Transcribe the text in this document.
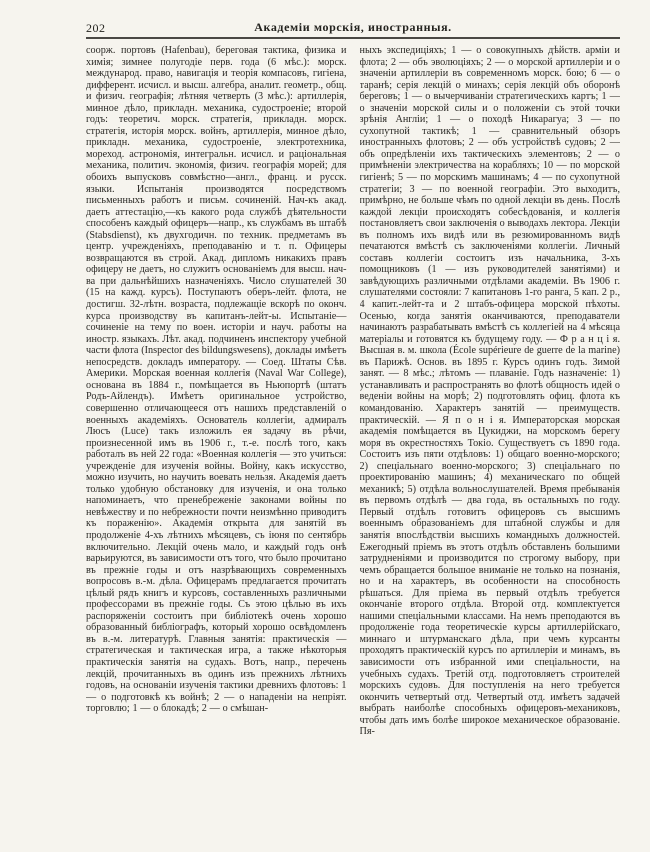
202	Академіи морскія, иностранныя.
соорж. портовъ (Hafenbau), береговая тактика, физика и химія; зимнее полугодіе перв. года (6 мѣс.): морск. международ. право, навигація и теорія компасовъ, гигіена, дифферент. исчисл. и высш. алгебра, аналит. геометр., общ. и физич. географія; лѣтняя четверть (3 мѣс.): артиллерія, минное дѣло, прикладн. механика, судостроеніе; второй годъ: теоретич. морск. стратегія, прикладн. морск. стратегія, исторія морск. войнъ, артиллерія, минное дѣло, прикладн. механика, судостроеніе, электротехника, мореход. астрономія, интегральн. исчисл. и раціональная механика, политич. экономія, физич. географія морей; для обоихъ выпусковъ совмѣстно—англ., франц. и русск. языки. Испытанія производятся посредствомъ письменныхъ работъ и письм. сочиненій. Нач-къ акад. даетъ аттестацію,—къ какого рода службѣ дѣятельности способенъ каждый офицеръ—напр., къ службамъ въ штабѣ (Stabsdienst), къ двухгодичн. по техник. предметамъ въ центр. учрежденіяхъ, преподаванію и т. п. Офицеры возвращаются въ строй. Акад. дипломъ никакихъ правъ офицеру не даетъ, но служитъ основаніемъ для высш. нач-ва при дальнѣйшихъ назначеніяхъ. Число слушателей 30 (15 на кажд. курсъ). Поступаютъ оберъ-лейт. флота, не достигш. 32-лѣтн. возраста, подлежащіе вскорѣ по оконч. курса производству въ капитанъ-лейт-ы. Испытаніе—сочиненіе на тему по воен. исторіи и науч. работы на иностр. языкахъ. Лѣт. акад. подчиненъ инспектору учебной части флота (Inspector des bildungswesens), доклады имѣетъ непосредств. докладъ императору. — Соед. Штаты Сѣв. Америки. Морская военная коллегія (Naval War College), основана въ 1884 г., помѣщается въ Ньюпортѣ (штатъ Родъ-Айлендъ). Имѣетъ оригинальное устройство, совершенно отличающееся отъ нашихъ представленій о военныхъ академіяхъ. Основатель коллегіи, адмиралъ Люсъ (Luce) такъ изложилъ ея задачу въ рѣчи, произнесенной имъ въ 1906 г., т.-е. послѣ того, какъ работалъ въ ней 22 года: «Военная коллегія — это учиться: учрежденіе для изученія войны. Войну, какъ искусство, можно изучить, но научить воевать нельзя. Академія даетъ только удобную обстановку для изученія, и она только напоминаетъ, что пренебреженіе законами войны по невѣжеству и по небрежности почти неизмѣнно приводитъ къ пораженію». Академія открыта для занятій въ продолженіе 4-хъ лѣтнихъ мѣсяцевъ, съ іюня по сентябрь включительно. Лекцій очень мало, и каждый годъ онѣ варьируются, въ зависимости отъ того, что было прочитано въ прежніе годы и отъ назрѣвающихъ современныхъ вопросовъ в.-м. дѣла. Офицерамъ предлагается прочитать цѣлый рядъ книгъ и курсовъ, составленныхъ различными профессорами въ прежніе годы. Съ этою цѣлью въ ихъ распоряженіи состоитъ при библіотекѣ очень хорошо образованный библіографъ, который хорошо освѣдомленъ въ в.-м. литературѣ. Главныя занятія: практическія — стратегическая и тактическая игра, а также нѣкоторыя практическія занятія на судахъ. Вотъ, напр., перечень лекцій, прочитанныхъ въ одинъ изъ прежнихъ лѣтнихъ годовъ, на основаніи изученія тактики древнихъ флотовъ: 1 — о подготовкѣ къ войнѣ; 2 — о нападеніи на непріят. торговлю; 1 — о блокадѣ; 2 — о смѣшан-
ныхъ экспедиціяхъ; 1 — о совокупныхъ дѣйств. арміи и флота; 2 — объ эволюціяхъ; 2 — о морской артиллеріи и о значеніи артиллеріи въ современномъ морск. бою; 6 — о таранѣ; серія лекцій о минахъ; серія лекцій объ оборонѣ береговъ; 1 — о вычерчиваніи стратегическихъ картъ; 1 — о значеніи морской силы и о положеніи съ этой точки зрѣнія Англіи; 1 — о походѣ Никарагуа; 3 — по сухопутной тактикѣ; 1 — сравнительный обзоръ иностранныхъ флотовъ; 2 — объ устройствѣ судовъ; 2 — объ опредѣленіи ихъ тактическихъ элементовъ; 2 — о примѣненіи электричества на корабляхъ; 10 — по морской гигіенѣ; 5 — по морскимъ машинамъ; 4 — по сухопутной стратегіи; 3 — по военной географіи. Это выходитъ, примѣрно, не больше чѣмъ по одной лекціи въ день. Послѣ каждой лекціи происходятъ собесѣдованія, и коллегія постановляетъ свои заключенія о выводахъ лектора. Лекціи въ полномъ ихъ видѣ или въ резюмированномъ видѣ печатаются вмѣстѣ съ заключеніями коллегіи. Личный составъ коллегіи состоитъ изъ начальника, 3-хъ помощниковъ (1 — изъ руководителей занятіями) и завѣдующихъ различными отдѣлами академіи. Въ 1906 г. слушателями состояли: 7 капитановъ 1-го ранга, 5 кап. 2 р., 4 капит.-лейт-та и 2 штабъ-офицера морской пѣхоты. Осенью, когда занятія оканчиваются, преподаватели начинаютъ разрабатывать вмѣстѣ съ коллегіей на 4 мѣсяца матеріалы и готовятся къ будущему году. — Ф р а н ц і я. Высшая в. м. школа (École supérieure de guerre de la marine) въ Парижѣ. Основ. въ 1895 г. Курсъ одинъ годъ. Зимой занят. — 8 мѣс.; лѣтомъ — плаваніе. Годъ назначеніе: 1) устанавливать и распространять во флотѣ общность идей о веденіи войны на морѣ; 2) подготовлять офиц. флота къ командованію. Характеръ занятій — преимуществ. практическій. — Я п о н і я. Императорская морская академія помѣщается въ Цукиджи, на морскомъ берегу моря въ окрестностяхъ Токіо. Существуетъ съ 1890 года. Состоитъ изъ пяти отдѣловъ: 1) общаго военно-морского; 2) спеціальнаго военно-морского; 3) спеціальнаго по проектированію машинъ; 4) механическаго по общей механикѣ; 5) отдѣла вольнослушателей. Время пребыванія въ первомъ отдѣлѣ — два года, въ остальныхъ по году. Первый отдѣлъ готовитъ офицеровъ съ высшимъ военнымъ образованіемъ для штабной службы и для занятія впослѣдствіи высшихъ командныхъ должностей. Ежегодный пріемъ въ этотъ отдѣлъ обставленъ большими затрудненіями и производится по строгому выбору, при чемъ обращается большое вниманіе не только на познанія, но и на характеръ, въ особенности на способность рѣшаться. Для пріема въ первый отдѣлъ требуется окончаніе второго отдѣла. Второй отд. комплектуется нашими спеціальными классами. На немъ преподаются въ продолженіе года теоретическіе курсы артиллерійскаго, миннаго и штурманскаго дѣла, при чемъ курсанты проходятъ практическій курсъ по артиллеріи и минамъ, въ зависимости отъ избранной ими спеціальности, на учебныхъ судахъ. Третій отд. подготовляетъ строителей морскихъ судовъ. Для поступленія на него требуется окончить четвертый отд. Четвертый отд. имѣетъ задачей выбрать наиболѣе способныхъ офицеровъ-механиковъ, чтобы дать имъ болѣе широкое механическое образованіе. Пя-
